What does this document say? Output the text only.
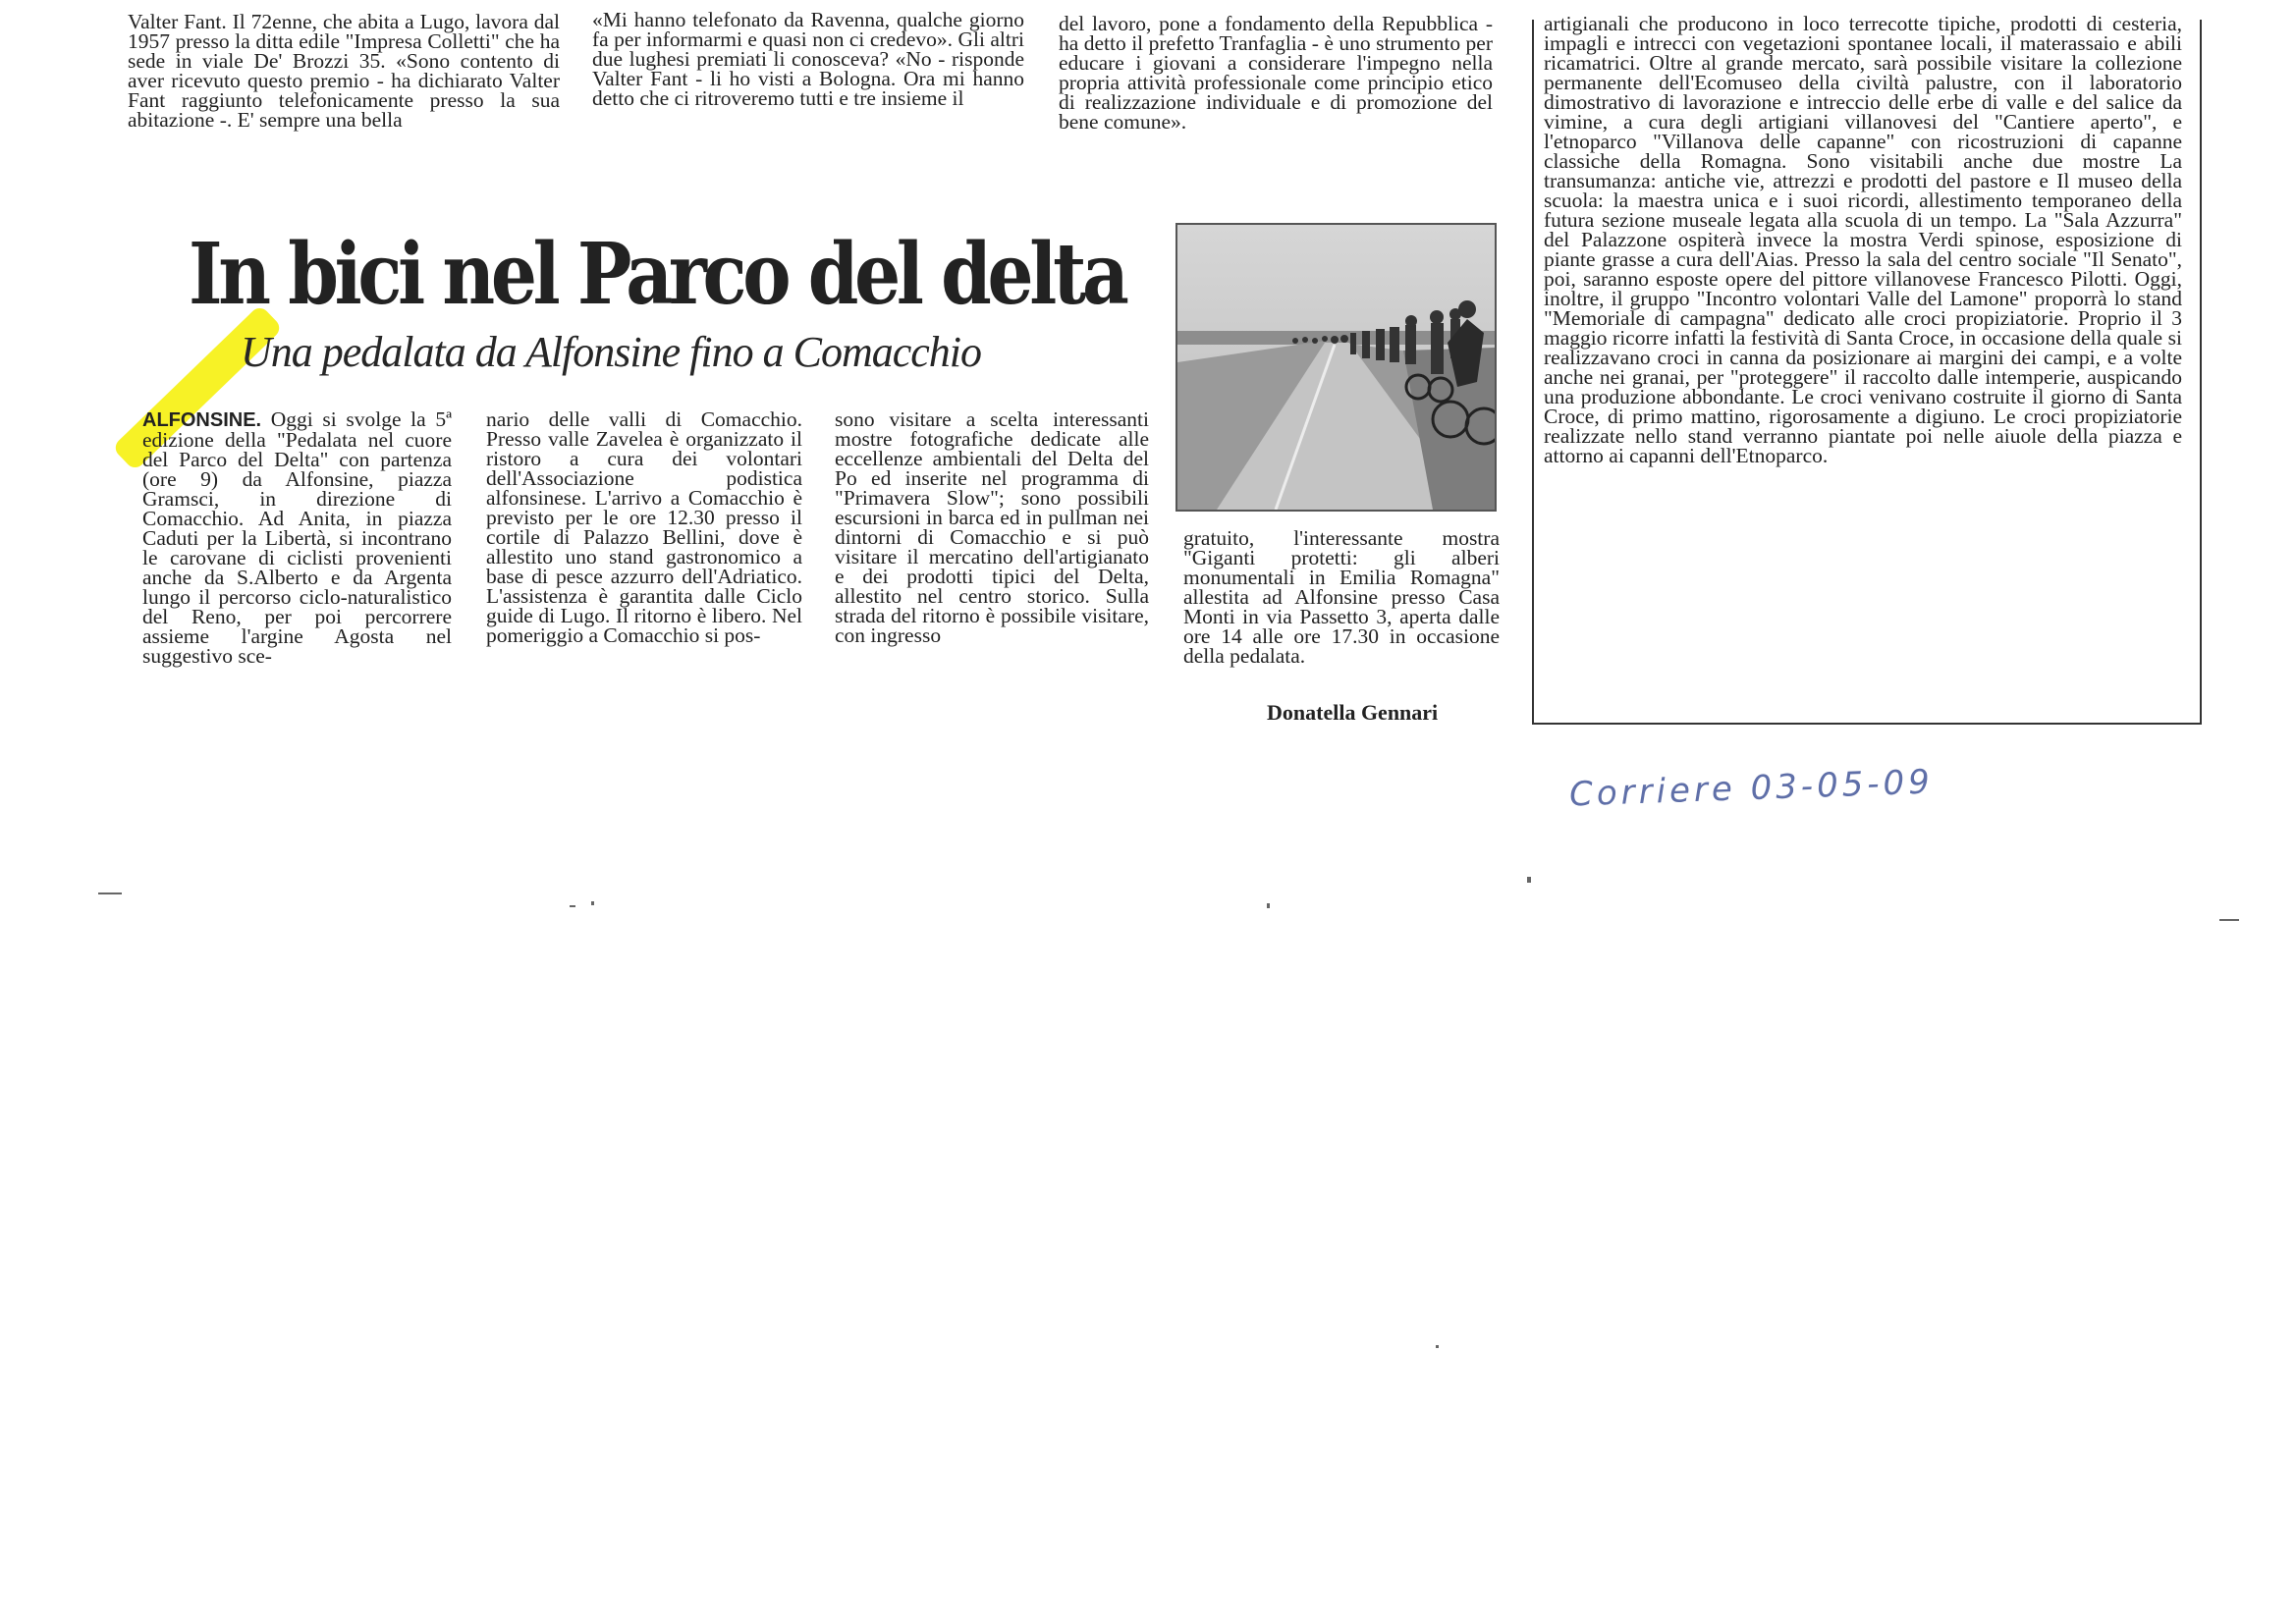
Valter Fant. Il 72enne, che abita a Lugo, lavora dal 1957 presso la ditta edile "Impresa Colletti" che ha sede in viale De' Brozzi 35. «Sono contento di aver ricevuto questo premio - ha dichiarato Valter Fant raggiunto telefonicamente presso la sua abitazione -. E' sempre una bella
«Mi hanno telefonato da Ravenna, qualche giorno fa per informarmi e quasi non ci credevo». Gli altri due lughesi premiati li conosceva? «No - risponde Valter Fant - li ho visti a Bologna. Ora mi hanno detto che ci ritroveremo tutti e tre insieme il
del lavoro, pone a fondamento della Repubblica - ha detto il prefetto Tranfaglia - è uno strumento per educare i giovani a considerare l'impegno nella propria attività professionale come principio etico di realizzazione individuale e di promozione del bene comune».
In bici nel Parco del delta
Una pedalata da Alfonsine fino a Comacchio
ALFONSINE. Oggi si svolge la 5ª edizione della "Pedalata nel cuore del Parco del Delta" con partenza (ore 9) da Alfonsine, piazza Gramsci, in direzione di Comacchio. Ad Anita, in piazza Caduti per la Libertà, si incontrano le carovane di ciclisti provenienti anche da S.Alberto e da Argenta lungo il percorso ciclo-naturalistico del Reno, per poi percorrere assieme l'argine Agosta nel suggestivo sce-
nario delle valli di Comacchio. Presso valle Zavelea è organizzato il ristoro a cura dei volontari dell'Associazione podistica alfonsinese. L'arrivo a Comacchio è previsto per le ore 12.30 presso il cortile di Palazzo Bellini, dove è allestito uno stand gastronomico a base di pesce azzurro dell'Adriatico. L'assistenza è garantita dalle Ciclo guide di Lugo. Il ritorno è libero. Nel pomeriggio a Comacchio si pos-
sono visitare a scelta interessanti mostre fotografiche dedicate alle eccellenze ambientali del Delta del Po ed inserite nel programma di "Primavera Slow"; sono possibili escursioni in barca ed in pullman nei dintorni di Comacchio e si può visitare il mercatino dell'artigianato e dei prodotti tipici del Delta, allestito nel centro storico. Sulla strada del ritorno è possibile visitare, con ingresso
gratuito, l'interessante mostra "Giganti protetti: gli alberi monumentali in Emilia Romagna" allestita ad Alfonsine presso Casa Monti in via Passetto 3, aperta dalle ore 14 alle ore 17.30 in occasione della pedalata.
Donatella Gennari
artigianali che producono in loco terrecotte tipiche, prodotti di cesteria, impagli e intrecci con vegetazioni spontanee locali, il materassaio e abili ricamatrici. Oltre al grande mercato, sarà possibile visitare la collezione permanente dell'Ecomuseo della civiltà palustre, con il laboratorio dimostrativo di lavorazione e intreccio delle erbe di valle e del salice da vimine, a cura degli artigiani villanovesi del "Cantiere aperto", e l'etnoparco "Villanova delle capanne" con ricostruzioni di capanne classiche della Romagna. Sono visitabili anche due mostre La transumanza: antiche vie, attrezzi e prodotti del pastore e Il museo della scuola: la maestra unica e i suoi ricordi, allestimento temporaneo della futura sezione museale legata alla scuola di un tempo. La "Sala Azzurra" del Palazzone ospiterà invece la mostra Verdi spinose, esposizione di piante grasse a cura dell'Aias. Presso la sala del centro sociale "Il Senato", poi, saranno esposte opere del pittore villanovese Francesco Pilotti. Oggi, inoltre, il gruppo "Incontro volontari Valle del Lamone" proporrà lo stand "Memoriale di campagna" dedicato alle croci propiziatorie. Proprio il 3 maggio ricorre infatti la festività di Santa Croce, in occasione della quale si realizzavano croci in canna da posizionare ai margini dei campi, e a volte anche nei granai, per "proteggere" il raccolto dalle intemperie, auspicando una produzione abbondante. Le croci venivano costruite il giorno di Santa Croce, di primo mattino, rigorosamente a digiuno. Le croci propiziatorie realizzate nello stand verranno piantate poi nelle aiuole della piazza e attorno ai capanni dell'Etnoparco.
Corriere 03-05-09
